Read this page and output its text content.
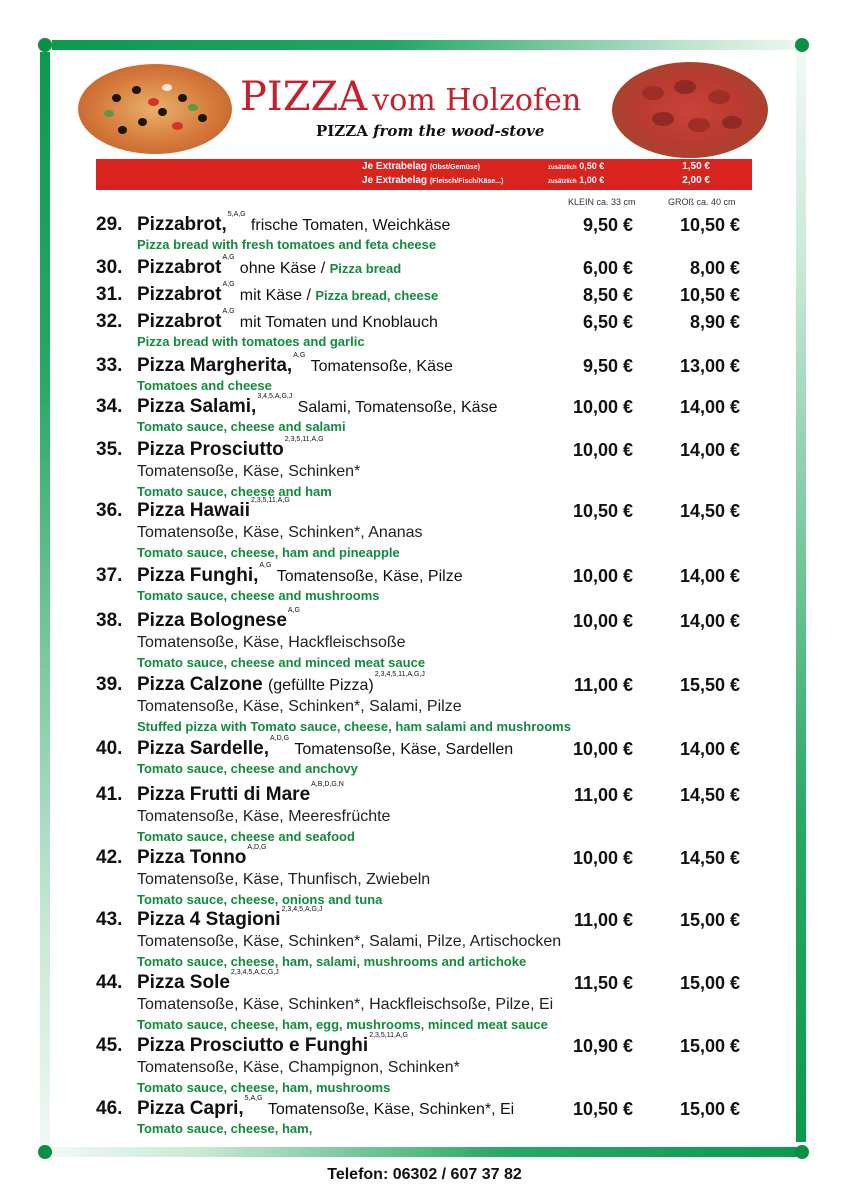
PIZZA vom Holzofen
PIZZA from the wood-stove
Je Extrabelag (Obst/Gemüse)	zusätzlich 0,50 €	1,50 €
Je Extrabelag (Fleisch/Fisch/Käse...)	zusätzlich 1,00 €	2,00 €
KLEIN ca. 33 cm	GROß ca. 40 cm
29. Pizzabrot,$^{5,A,G}$ frische Tomaten, Weichkäse
Pizza bread with fresh tomatoes and feta cheese
9,50 €	10,50 €
30. Pizzabrot$^{A,G}$ ohne Käse / Pizza bread	6,00 €	8,00 €
31. Pizzabrot$^{A,G}$ mit Käse / Pizza bread, cheese	8,50 €	10,50 €
32. Pizzabrot$^{A,G}$ mit Tomaten und Knoblauch
Pizza bread with tomatoes and garlic
6,50 €	8,90 €
33. Pizza Margherita,$^{A,G}$ Tomatensoße, Käse
Tomatoes and cheese
9,50 €	13,00 €
34. Pizza Salami,$^{3,4,5,A,G,J}$ Salami, Tomatensoße, Käse
Tomato sauce, cheese and salami
10,00 €	14,00 €
35. Pizza Prosciutto$^{2,3,5,11,A,G}$
Tomatensoße, Käse, Schinken*
Tomato sauce, cheese and ham
10,00 €	14,00 €
36. Pizza Hawaii$^{2,3,5,11,A,G}$
Tomatensoße, Käse, Schinken*, Ananas
Tomato sauce, cheese, ham and pineapple
10,50 €	14,50 €
37. Pizza Funghi,$^{A,G}$ Tomatensoße, Käse, Pilze
Tomato sauce, cheese and mushrooms
10,00 €	14,00 €
38. Pizza Bolognese$^{A,G}$
Tomatensoße, Käse, Hackfleischsoße
Tomato sauce, cheese and minced meat sauce
10,00 €	14,00 €
39. Pizza Calzone (gefüllte Pizza)$^{2,3,4,5,11,A,G,J}$
Tomatensoße, Käse, Schinken*, Salami, Pilze
Stuffed pizza with Tomato sauce, cheese, ham salami and mushrooms
11,00 €	15,50 €
40. Pizza Sardelle,$^{A,D,G}$ Tomatensoße, Käse, Sardellen
Tomato sauce, cheese and anchovy
10,00 €	14,00 €
41. Pizza Frutti di Mare$^{A,B,D,G,N}$
Tomatensoße, Käse, Meeresfrüchte
Tomato sauce, cheese and seafood
11,00 €	14,50 €
42. Pizza Tonno$^{A,D,G}$
Tomatensoße, Käse, Thunfisch, Zwiebeln
Tomato sauce, cheese, onions and tuna
10,00 €	14,50 €
43. Pizza 4 Stagioni$^{2,3,4,5,A,G,J}$
Tomatensoße, Käse, Schinken*, Salami, Pilze, Artischocken
Tomato sauce, cheese, ham, salami, mushrooms and artichoke
11,00 €	15,00 €
44. Pizza Sole$^{2,3,4,5,A,C,G,J}$
Tomatensoße, Käse, Schinken*, Hackfleischsoße, Pilze, Ei
Tomato sauce, cheese, ham, egg, mushrooms, minced meat sauce
11,50 €	15,00 €
45. Pizza Prosciutto e Funghi$^{2,3,5,11,A,G}$
Tomatensoße, Käse, Champignon, Schinken*
Tomato sauce, cheese, ham, mushrooms
10,90 €	15,00 €
46. Pizza Capri,$^{5,A,G}$ Tomatensoße, Käse, Schinken*, Ei
Tomato sauce, cheese, ham,
10,50 €	15,00 €
Telefon: 06302 / 607 37 82
